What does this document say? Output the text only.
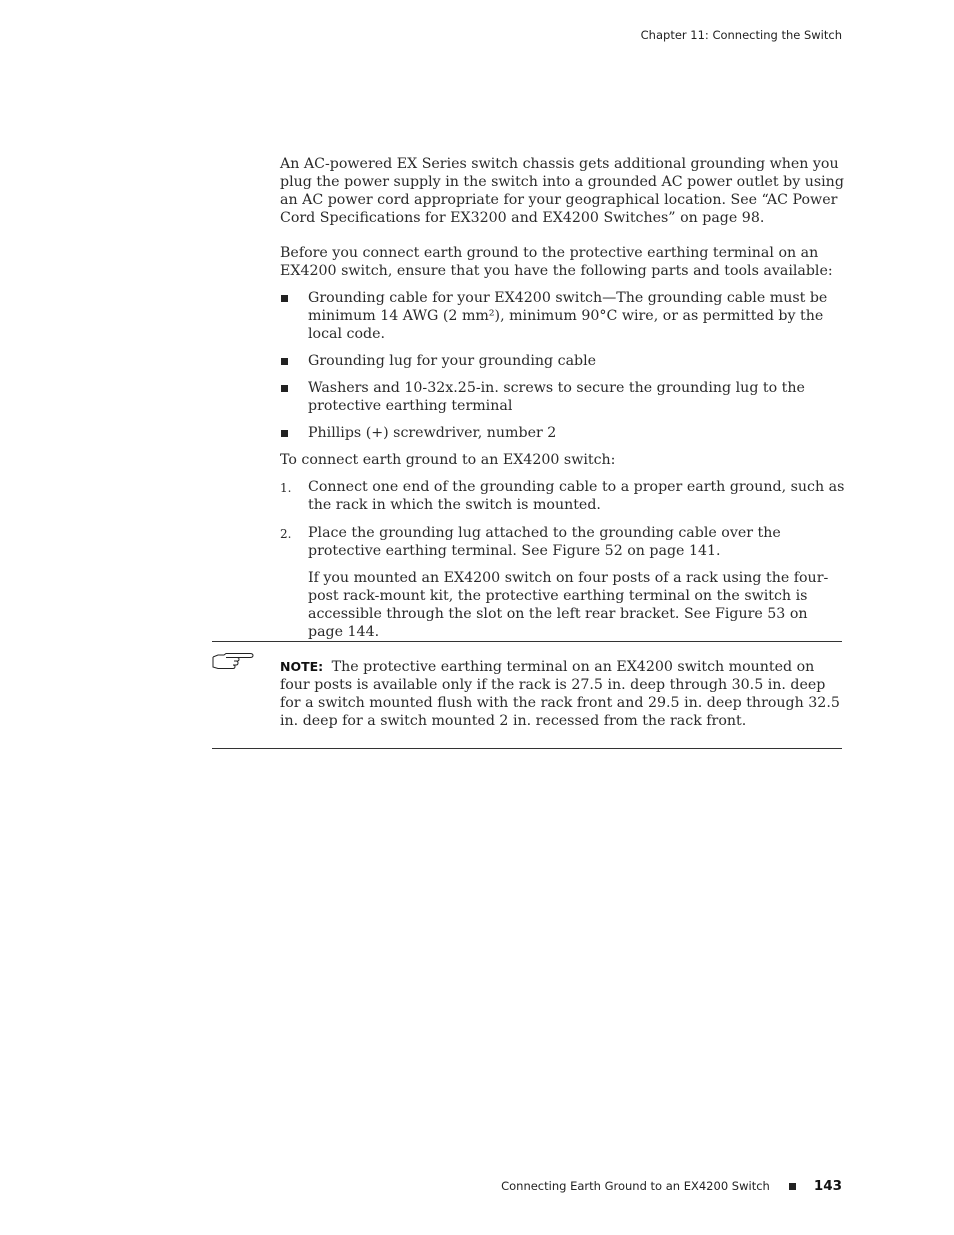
Chapter 11: Connecting the Switch
An AC-powered EX Series switch chassis gets additional grounding when you plug the power supply in the switch into a grounded AC power outlet by using an AC power cord appropriate for your geographical location. See “AC Power Cord Specifications for EX3200 and EX4200 Switches” on page 98.
Before you connect earth ground to the protective earthing terminal on an EX4200 switch, ensure that you have the following parts and tools available:
Grounding cable for your EX4200 switch—The grounding cable must be minimum 14 AWG (2 mm²), minimum 90°C wire, or as permitted by the local code.
Grounding lug for your grounding cable
Washers and 10-32x.25-in. screws to secure the grounding lug to the protective earthing terminal
Phillips (+) screwdriver, number 2
To connect earth ground to an EX4200 switch:
1. Connect one end of the grounding cable to a proper earth ground, such as the rack in which the switch is mounted.
2. Place the grounding lug attached to the grounding cable over the protective earthing terminal. See Figure 52 on page 141.
If you mounted an EX4200 switch on four posts of a rack using the four-post rack-mount kit, the protective earthing terminal on the switch is accessible through the slot on the left rear bracket. See Figure 53 on page 144.
NOTE: The protective earthing terminal on an EX4200 switch mounted on four posts is available only if the rack is 27.5 in. deep through 30.5 in. deep for a switch mounted flush with the rack front and 29.5 in. deep through 32.5 in. deep for a switch mounted 2 in. recessed from the rack front.
Connecting Earth Ground to an EX4200 Switch	143
